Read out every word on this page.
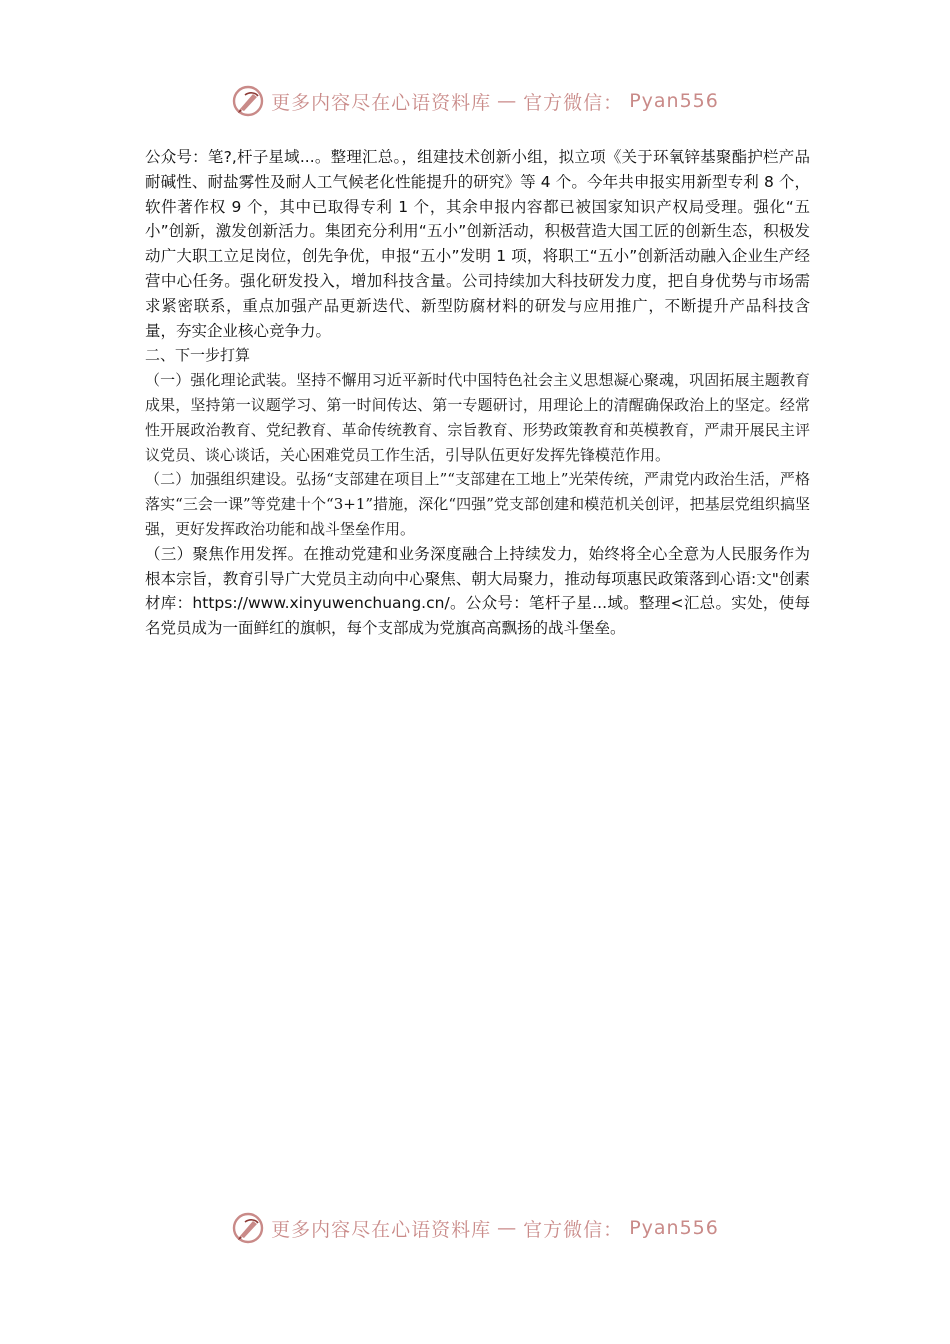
更多内容尽在心语资料库 — 官方微信： Pyan556

公众号：笔?,杆子星域...。整理汇总。，组建技术创新小组，拟立项《关于环氧锌基聚酯护栏产品耐碱性、耐盐雾性及耐人工气候老化性能提升的研究》等 4 个。今年共申报实用新型专利 8 个，软件著作权 9 个，其中已取得专利 1 个，其余申报内容都已被国家知识产权局受理。强化“五小”创新，激发创新活力。集团充分利用“五小”创新活动，积极营造大国工匠的创新生态，积极发动广大职工立足岗位，创先争优，申报“五小”发明 1 项，将职工“五小”创新活动融入企业生产经营中心任务。强化研发投入，增加科技含量。公司持续加大科技研发力度，把自身优势与市场需求紧密联系，重点加强产品更新迭代、新型防腐材料的研发与应用推广，不断提升产品科技含量，夯实企业核心竞争力。

二、下一步打算

（一）强化理论武装。坚持不懈用习近平新时代中国特色社会主义思想凝心聚魂，巩固拓展主题教育成果，坚持第一议题学习、第一时间传达、第一专题研讨，用理论上的清醒确保政治上的坚定。经常性开展政治教育、党纪教育、革命传统教育、宗旨教育、形势政策教育和英模教育，严肃开展民主评议党员、谈心谈话，关心困难党员工作生活，引导队伍更好发挥先锋模范作用。

（二）加强组织建设。弘扬“支部建在项目上”“支部建在工地上”光荣传统，严肃党内政治生活，严格落实“三会一课”等党建十个“3+1”措施，深化“四强”党支部创建和模范机关创评，把基层党组织搞坚强，更好发挥政治功能和战斗堡垒作用。

（三）聚焦作用发挥。在推动党建和业务深度融合上持续发力，始终将全心全意为人民服务作为根本宗旨，教育引导广大党员主动向中心聚焦、朝大局聚力，推动每项惠民政策落到心语:文"创素材库：https://www.xinyuwenchuang.cn/。公众号：笔杆子星...域。整理<汇总。实处，使每名党员成为一面鲜红的旗帜，每个支部成为党旗高高飘扬的战斗堡垒。

更多内容尽在心语资料库 — 官方微信： Pyan556
